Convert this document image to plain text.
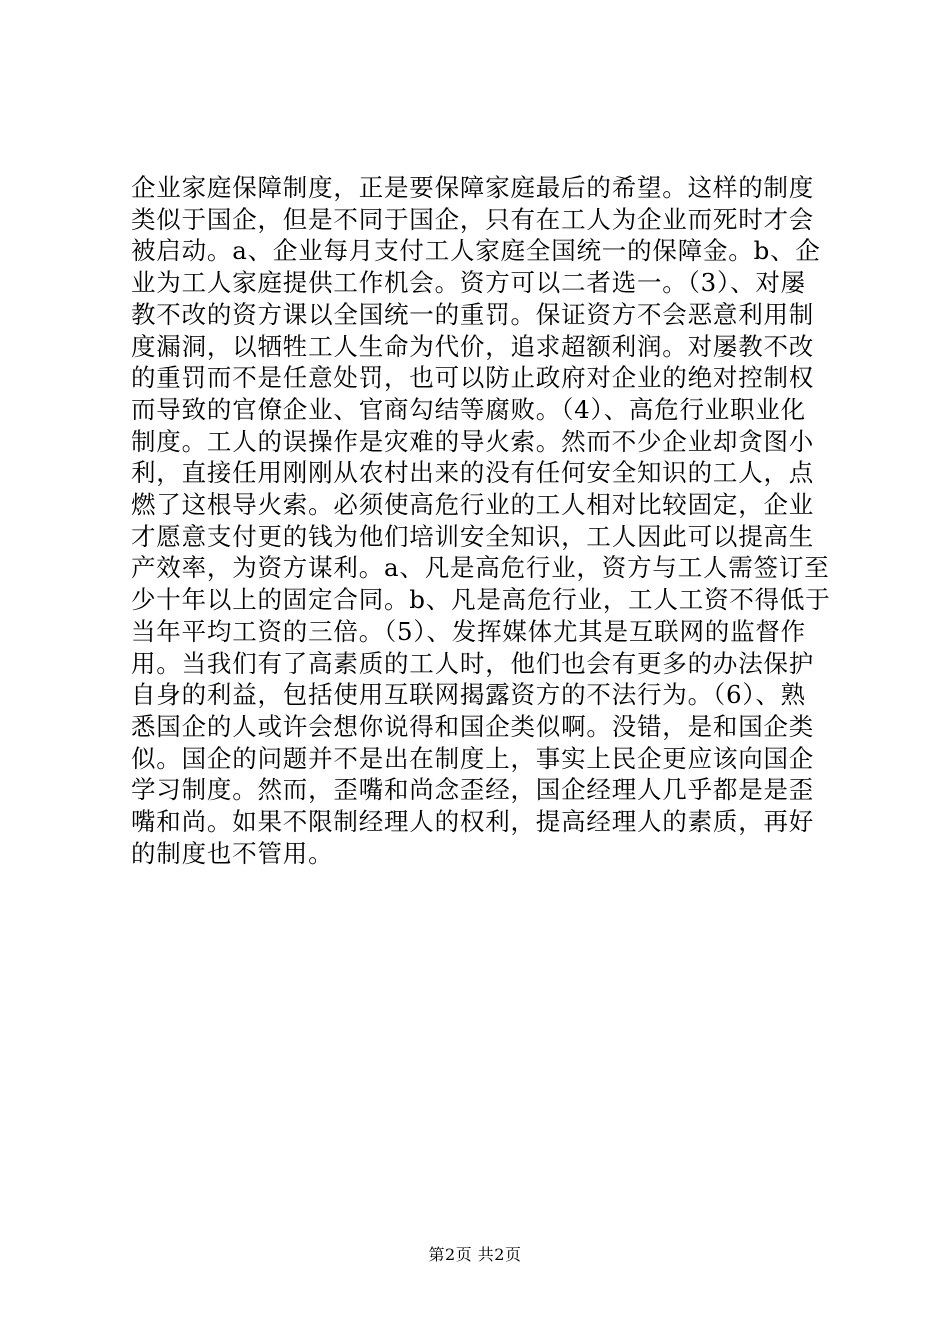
企业家庭保障制度，正是要保障家庭最后的希望。这样的制度
类似于国企，但是不同于国企，只有在工人为企业而死时才会
被启动。a、企业每月支付工人家庭全国统一的保障金。b、企
业为工人家庭提供工作机会。资方可以二者选一。（3）、对屡
教不改的资方课以全国统一的重罚。保证资方不会恶意利用制
度漏洞，以牺牲工人生命为代价，追求超额利润。对屡教不改
的重罚而不是任意处罚，也可以防止政府对企业的绝对控制权
而导致的官僚企业、官商勾结等腐败。（4）、高危行业职业化
制度。工人的误操作是灾难的导火索。然而不少企业却贪图小
利，直接任用刚刚从农村出来的没有任何安全知识的工人，点
燃了这根导火索。必须使高危行业的工人相对比较固定，企业
才愿意支付更的钱为他们培训安全知识，工人因此可以提高生
产效率，为资方谋利。a、凡是高危行业，资方与工人需签订至
少十年以上的固定合同。b、凡是高危行业，工人工资不得低于
当年平均工资的三倍。（5）、发挥媒体尤其是互联网的监督作
用。当我们有了高素质的工人时，他们也会有更多的办法保护
自身的利益，包括使用互联网揭露资方的不法行为。（6）、熟
悉国企的人或许会想你说得和国企类似啊。没错，是和国企类
似。国企的问题并不是出在制度上，事实上民企更应该向国企
学习制度。然而，歪嘴和尚念歪经，国企经理人几乎都是是歪
嘴和尚。如果不限制经理人的权利，提高经理人的素质，再好
的制度也不管用。
第2页 共2页
